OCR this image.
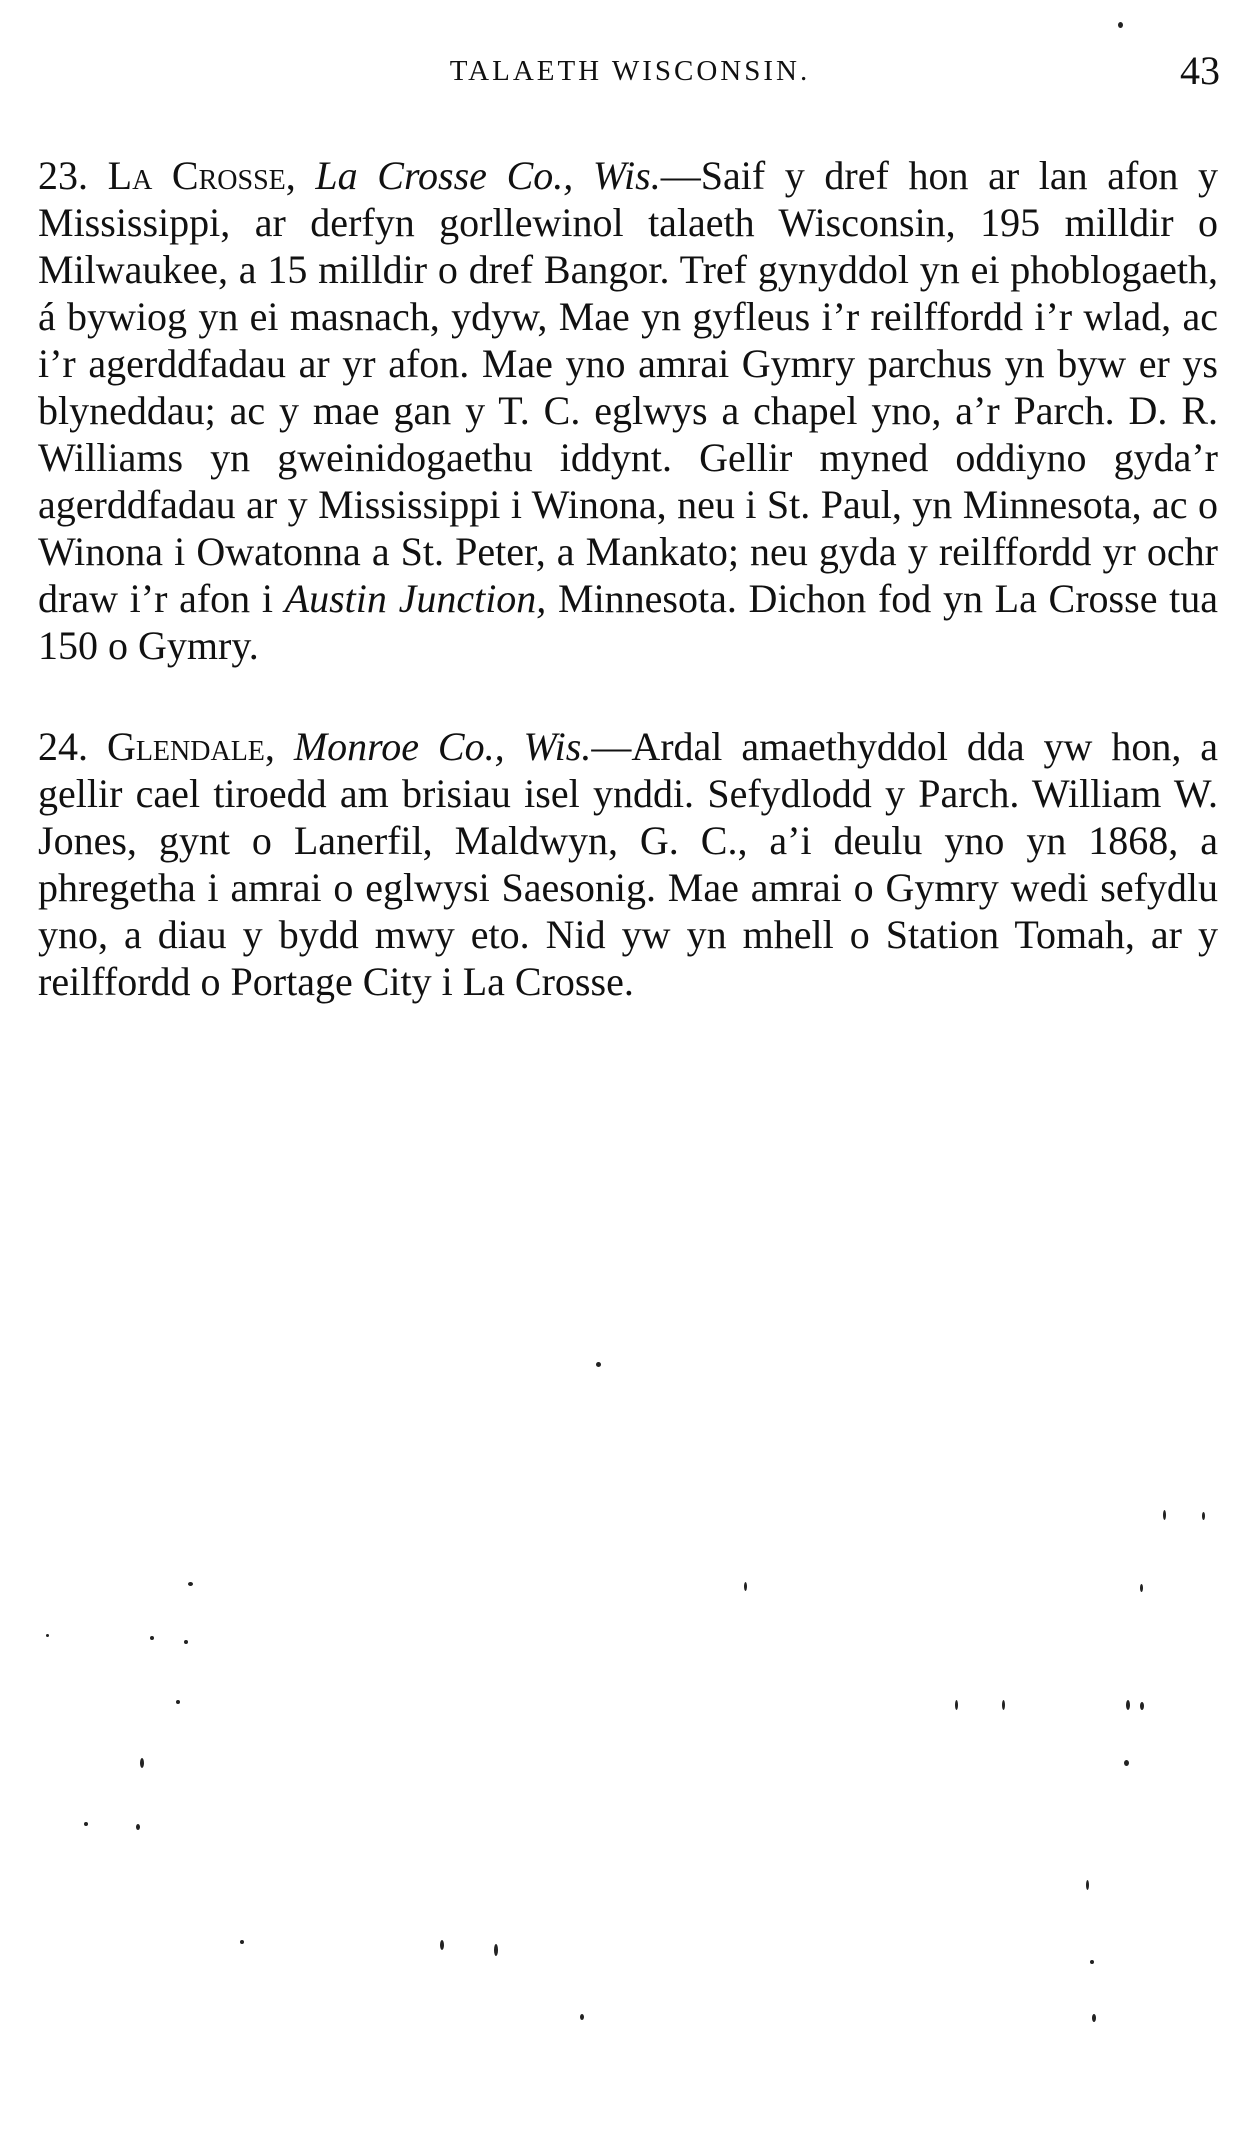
TALAETH WISCONSIN.	43

23. La Crosse, La Crosse Co., Wis.—Saif y dref hon ar lan afon y Mississippi, ar derfyn gorllewinol talaeth Wisconsin, 195 milldir o Milwaukee, a 15 milldir o dref Bangor. Tref gynyddol yn ei phoblogaeth, á bywiog yn ei masnach, ydyw, Mae yn gyfleus i’r reilffordd i’r wlad, ac i’r agerddfadau ar yr afon. Mae yno amrai Gymry parchus yn byw er ys blyneddau; ac y mae gan y T. C. eglwys a chapel yno, a’r Parch. D. R. Williams yn gweinidogaethu iddynt. Gellir myned oddiyno gyda’r agerddfadau ar y Mississippi i Winona, neu i St. Paul, yn Minnesota, ac o Winona i Owatonna a St. Peter, a Mankato; neu gyda y reilffordd yr ochr draw i’r afon i Austin Junction, Minnesota. Dichon fod yn La Crosse tua 150 o Gymry.

24. Glendale, Monroe Co., Wis.—Ardal amaethyddol dda yw hon, a gellir cael tiroedd am brisiau isel ynddi. Sefydlodd y Parch. William W. Jones, gynt o Lanerfil, Maldwyn, G. C., a’i deulu yno yn 1868, a phregetha i amrai o eglwysi Saesonig. Mae amrai o Gymry wedi sefydlu yno, a diau y bydd mwy eto. Nid yw yn mhell o Station Tomah, ar y reilffordd o Portage City i La Crosse.
